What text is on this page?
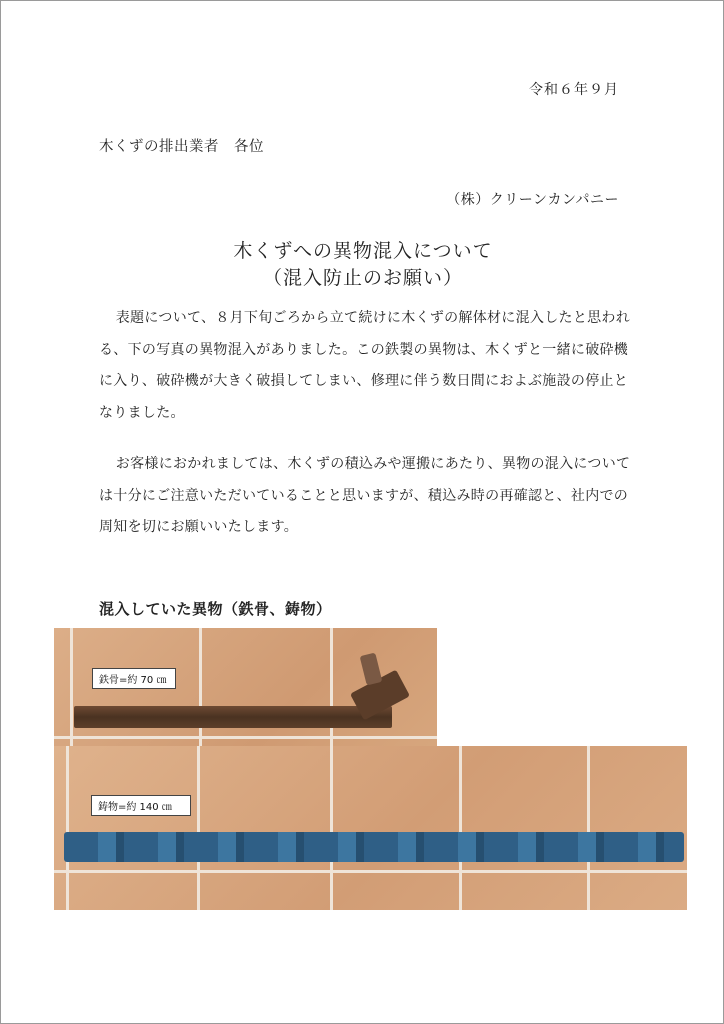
令和６年９月
木くずの排出業者　各位
（株）クリーンカンパニー
木くずへの異物混入について
（混入防止のお願い）
表題について、８月下旬ごろから立て続けに木くずの解体材に混入したと思われる、下の写真の異物混入がありました。この鉄製の異物は、木くずと一緒に破砕機に入り、破砕機が大きく破損してしまい、修理に伴う数日間におよぶ施設の停止となりました。
お客様におかれましては、木くずの積込みや運搬にあたり、異物の混入については十分にご注意いただいていることと思いますが、積込み時の再確認と、社内での周知を切にお願いいたします。
混入していた異物（鉄骨、鋳物）
鉄骨=約 70 ㎝
鋳物=約 140 ㎝
